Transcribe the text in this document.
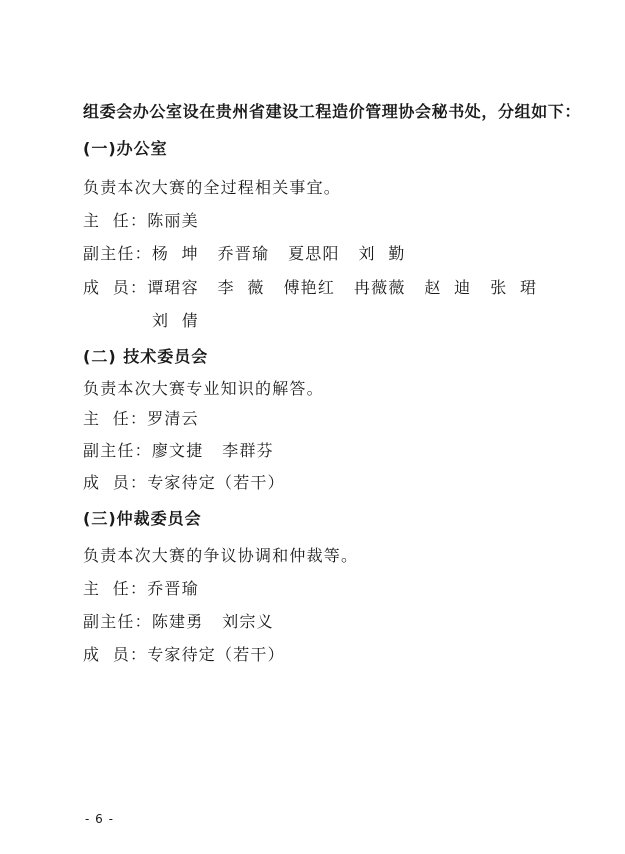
组委会办公室设在贵州省建设工程造价管理协会秘书处，分组如下：
(一)办公室
负责本次大赛的全过程相关事宜。
主  任：陈丽美
副主任：杨  坤   乔晋瑜   夏思阳   刘  勤
成  员：谭珺容   李  薇   傅艳红   冉薇薇   赵  迪   张  珺
刘  倩
(二) 技术委员会
负责本次大赛专业知识的解答。
主  任：罗清云
副主任：廖文捷   李群芬
成  员：专家待定（若干）
(三)仲裁委员会
负责本次大赛的争议协调和仲裁等。
主  任：乔晋瑜
副主任：陈建勇   刘宗义
成  员：专家待定（若干）
- 6 -
